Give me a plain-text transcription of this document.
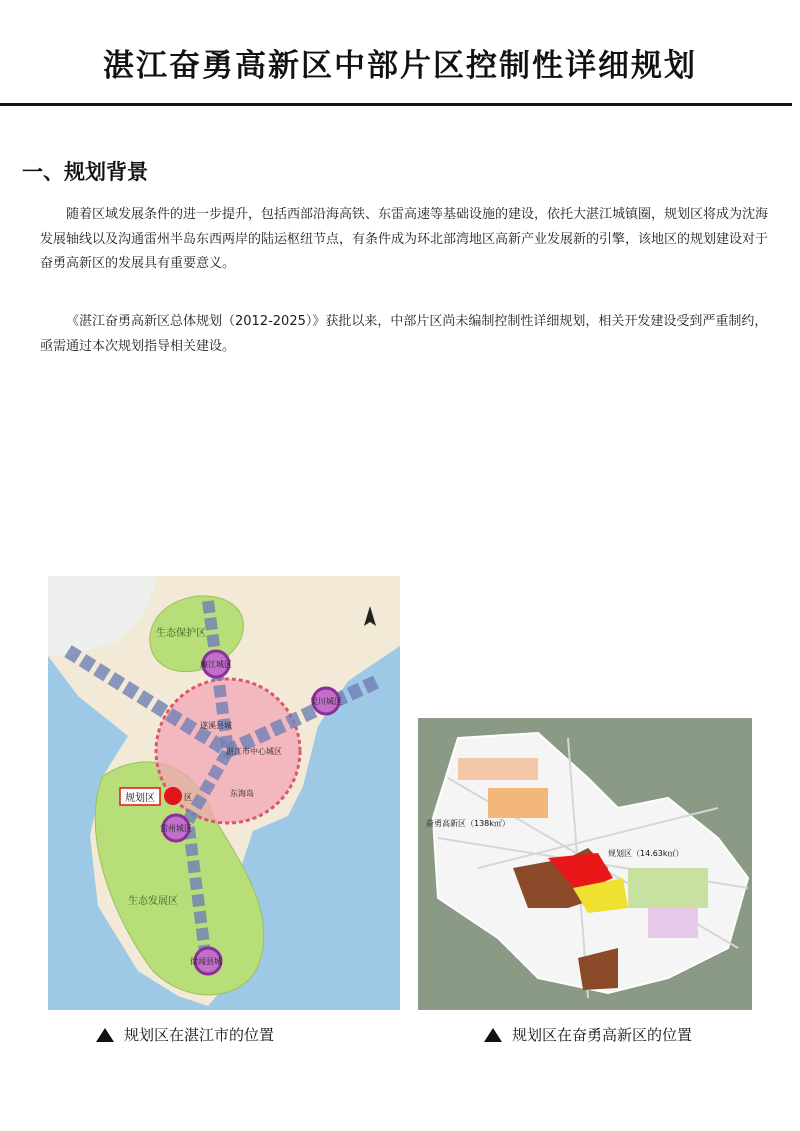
湛江奋勇高新区中部片区控制性详细规划
一、规划背景
随着区域发展条件的进一步提升，包括西部沿海高铁、东雷高速等基础设施的建设，依托大湛江城镇圈，规划区将成为沈海发展轴线以及沟通雷州半岛东西两岸的陆运枢纽节点，有条件成为环北部湾地区高新产业发展新的引擎，该地区的规划建设对于奋勇高新区的发展具有重要意义。
《湛江奋勇高新区总体规划（2012-2025）》获批以来，中部片区尚未编制控制性详细规划，相关开发建设受到严重制约，亟需通过本次规划指导相关建设。
生态保护区
生态发展区
廉江城区
吴川城区
遂溪县城
湛江市中心城区
东海岛
雷州城区
徐闻县城
规划区	区
奋勇高新区（138k㎡）
规划区（14.63k㎡）
规划区在湛江市的位置	规划区在奋勇高新区的位置
